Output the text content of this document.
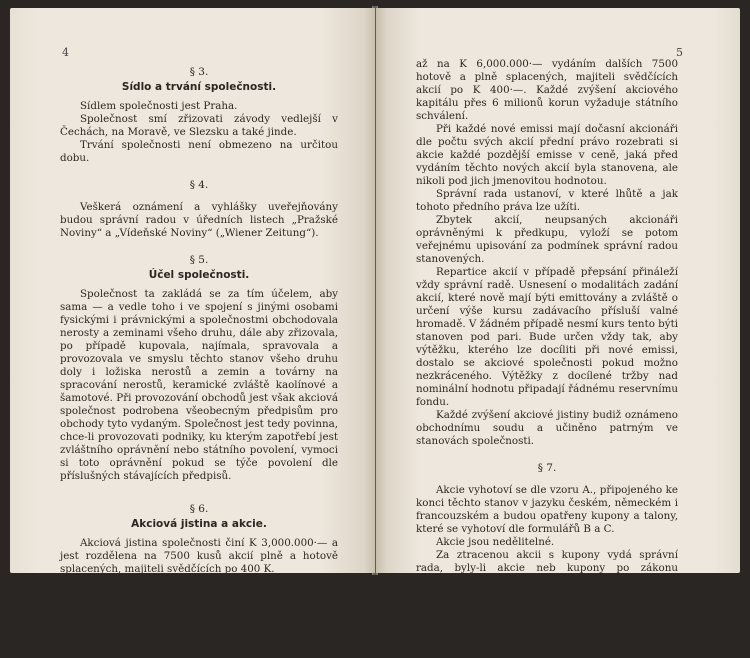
4
§ 3.
Sídlo a trvání společnosti.

Sídlem společnosti jest Praha.

Společnost smí zřizovati závody vedlejší v Čechách, na Moravě, ve Slezsku a také jinde.

Trvání společnosti není obmezeno na určitou dobu.

§ 4.

Veškerá oznámení a vyhlášky uveřejňovány budou správní radou v úředních listech „Pražské Noviny“ a „Vídeňské Noviny“ („Wiener Zeitung“).

§ 5.
Účel společnosti.

Společnost ta zakládá se za tím účelem, aby sama — a vedle toho i ve spojení s jinými osobami fysickými i právnickými a společnostmi obchodovala nerosty a zeminami všeho druhu, dále aby zřizovala, po případě kupovala, najímala, spravovala a provozovala ve smyslu těchto stanov všeho druhu doly i ložiska nerostů a zemin a továrny na spracování nerostů, keramické zvláště kaolínové a šamotové. Při provozování obchodů jest však akciová společnost podrobena všeobecným předpisům pro obchody tyto vydaným. Společnost jest tedy povinna, chce-li provozovati podniky, ku kterým zapotřebí jest zvláštního oprávnění nebo státního povolení, vymoci si toto oprávnění pokud se týče povolení dle příslušných stávajících předpisů.

§ 6.
Akciová jistina a akcie.

Akciová jistina společnosti činí K 3,000.000·— a jest rozdělena na 7500 kusů akcií plně a hotově splacených, majiteli svědčících po 400 K.

Jistina tato může beze státního schválení býti zvýšena usnesením valné hromady postupně neb najednou

5

až na K 6,000.000·— vydáním dalších 7500 hotově a plně splacených, majiteli svědčících akcií po K 400·—. Každé zvýšení akciového kapitálu přes 6 milionů korun vyžaduje státního schválení.

Při každé nové emissi mají dočasní akcionáři dle počtu svých akcií přední právo rozebrati si akcie každé pozdější emisse v ceně, jaká před vydáním těchto nových akcií byla stanovena, ale nikoli pod jich jmenovitou hodnotou.

Správní rada ustanoví, v které lhůtě a jak tohoto předního práva lze užíti.

Zbytek akcií, neupsaných akcionáři oprávněnými k předkupu, vyloží se potom veřejnému upisování za podmínek správní radou stanovených.

Repartice akcií v případě přepsání přináleží vždy správní radě. Usnesení o modalitách zadání akcií, které nově mají býti emittovány a zvláště o určení výše kursu zadávacího přísluší valné hromadě. V žádném případě nesmí kurs tento býti stanoven pod pari. Bude určen vždy tak, aby výtěžku, kterého lze docíliti při nové emissi, dostalo se akciové společnosti pokud možno nezkráceného. Výtěžky z docílené tržby nad nominální hodnotu připadají řádnému reservnímu fondu.

Každé zvýšení akciové jistiny budiž oznámeno obchodnímu soudu a učiněno patrným ve stanovách společnosti.

§ 7.

Akcie vyhotoví se dle vzoru A., připojeného ke konci těchto stanov v jazyku českém, německém i francouzském a budou opatřeny kupony a talony, které se vyhotoví dle formulářů B a C.

Akcie jsou nedělitelné.

Za ztracenou akcii s kupony vydá správní rada, byly-li akcie neb kupony po zákonu umořeny, na útraty žadatelovy duplikát.

§ 8.

Každý akcionář má v poměru, jaký jest počet akcií, podíl na zisku a ztrátě a právo na podíl jmění společenského.
